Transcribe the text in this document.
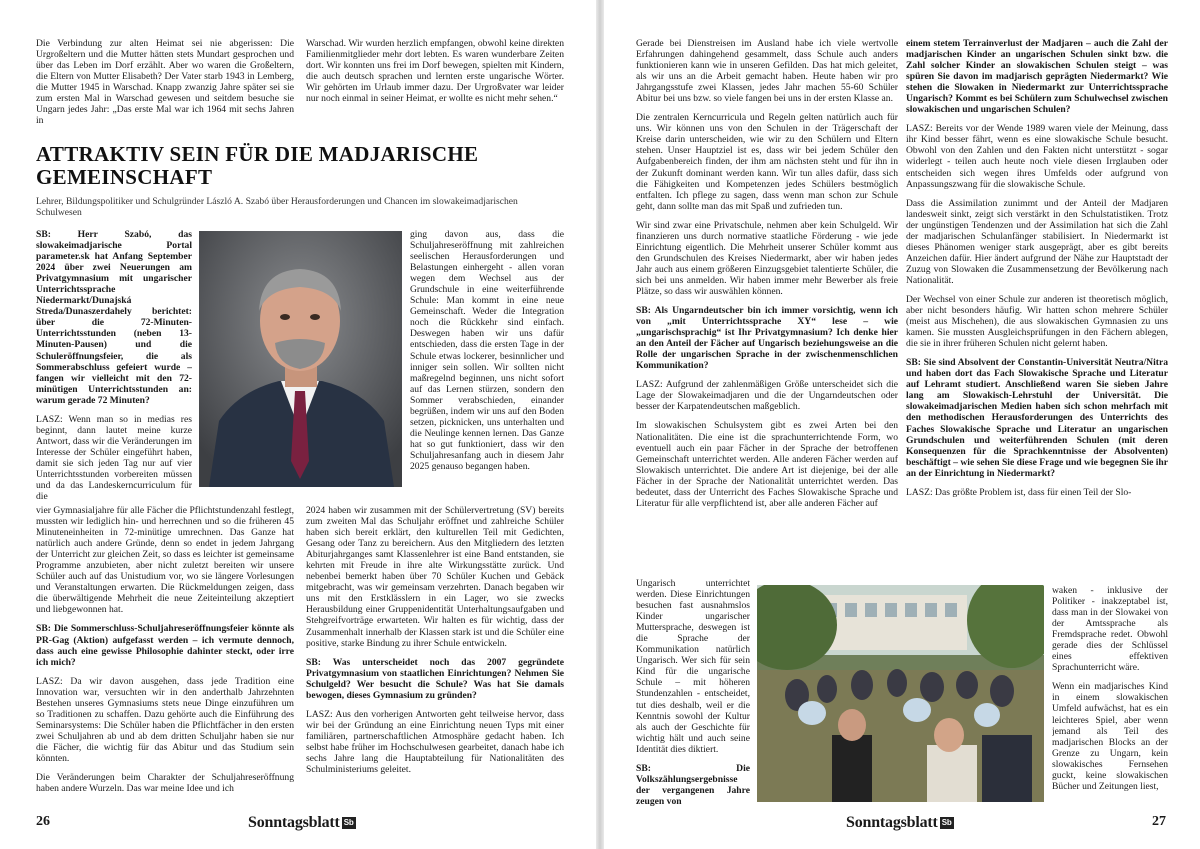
Die Verbindung zur alten Heimat sei nie abgerissen: Die Urgroßeltern und die Mutter hätten stets Mundart gesprochen und über das Leben im Dorf erzählt. Aber wo waren die Großeltern, die Eltern von Mutter Elisabeth? Der Vater starb 1943 in Lemberg, die Mutter 1945 in Warschad. Knapp zwanzig Jahre später sei sie zum ersten Mal in Warschad gewesen und seitdem besuche sie Ungarn jedes Jahr: „Das erste Mal war ich 1964 mit sechs Jahren in

Warschad. Wir wurden herzlich empfangen, obwohl keine direkten Familienmitglieder mehr dort lebten. Es waren wunderbare Zeiten dort. Wir konnten uns frei im Dorf bewegen, spielten mit Kindern, die auch deutsch sprachen und lernten erste ungarische Wörter. Wir gehörten im Urlaub immer dazu. Der Urgroßvater war leider nur noch einmal in seiner Heimat, er wollte es nicht mehr sehen.“

ATTRAKTIV SEIN FÜR DIE MADJARISCHE
GEMEINSCHAFT
Lehrer, Bildungspolitiker und Schulgründer László A. Szabó über Herausforderungen und Chancen im slowakeimadjarischen Schulwesen

SB: Herr Szabó, das slowakeimadjarische Portal parameter.sk hat Anfang September 2024 über zwei Neuerungen am Privatgymnasium mit ungarischer Unterrichtssprache Niedermarkt/Dunajská Streda/Dunaszerdahely berichtet: über die 72-Minuten-Unterrichtsstunden (neben 13-Minuten-Pausen) und die Schuleröffnungsfeier, die als Sommerabschluss gefeiert wurde – fangen wir vielleicht mit den 72-minütigen Unterrichtsstunden an: warum gerade 72 Minuten?

LASZ: Wenn man so in medias res beginnt, dann lautet meine kurze Antwort, dass wir die Veränderungen im Interesse der Schüler eingeführt haben, damit sie sich jeden Tag nur auf vier Unterrichtsstunden vorbereiten müssen und da das Landeskerncurriculum für die

vier Gymnasialjahre für alle Fächer die Pflichtstundenzahl festlegt, mussten wir lediglich hin- und herrechnen und so die früheren 45 Minuteneinheiten in 72-minütige umrechnen. Das Ganze hat natürlich auch andere Gründe, denn so endet in jedem Jahrgang der Unterricht zur gleichen Zeit, so dass es leichter ist gemeinsame Programme anzubieten, aber nicht zuletzt bereiten wir unsere Schüler auch auf das Unistudium vor, wo sie längere Vorlesungen und Veranstaltungen erwarten. Die Rückmeldungen zeigen, dass die überwältigende Mehrheit die neue Zeiteinteilung akzeptiert und liebgewonnen hat.

SB: Die Sommerschluss-Schuljahreseröffnungsfeier könnte als PR-Gag (Aktion) aufgefasst werden – ich vermute dennoch, dass auch eine gewisse Philosophie dahinter steckt, oder irre ich mich?

LASZ: Da wir davon ausgehen, dass jede Tradition eine Innovation war, versuchten wir in den anderthalb Jahrzehnten Bestehen unseres Gymnasiums stets neue Dinge einzuführen um so Traditionen zu schaffen. Dazu gehörte auch die Einführung des Seminarsystems: Die Schüler haben die Pflichtfächer in den ersten zwei Schuljahren ab und ab dem dritten Schuljahr haben sie nur die Fächer, die wichtig für das Abitur und das Studium sein könnten.

Die Veränderungen beim Charakter der Schuljahreseröffnung haben andere Wurzeln. Das war meine Idee und ich

ging davon aus, dass die Schuljahreseröffnung mit zahlreichen seelischen Herausforderungen und Belastungen einhergeht - allen voran wegen dem Wechsel aus der Grundschule in eine weiterführende Schule: Man kommt in eine neue Gemeinschaft. Weder die Integration noch die Rückkehr sind einfach. Deswegen haben wir uns dafür entschieden, dass die ersten Tage in der Schule etwas lockerer, besinnlicher und inniger sein sollen. Wir sollten nicht maßregelnd beginnen, uns nicht sofort auf das Lernen stürzen, sondern den Sommer verabschieden, einander begrüßen, indem wir uns auf den Boden setzen, picknicken, uns unterhalten und die Neulinge kennen lernen. Das Ganze hat so gut funktioniert, dass wir den Schuljahresanfang auch in diesem Jahr 2025 genauso begangen haben.

2024 haben wir zusammen mit der Schülervertretung (SV) bereits zum zweiten Mal das Schuljahr eröffnet und zahlreiche Schüler haben sich bereit erklärt, den kulturellen Teil mit Gedichten, Gesang oder Tanz zu bereichern. Aus den Mitgliedern des letzten Abiturjahrganges samt Klassenlehrer ist eine Band entstanden, sie kehrten mit Freude in ihre alte Wirkungsstätte zurück. Und nebenbei bemerkt haben über 70 Schüler Kuchen und Gebäck mitgebracht, was wir gemeinsam verzehrten. Danach begaben wir uns mit den Erstklässlern in ein Lager, wo sie zwecks Herausbildung einer Gruppenidentität Unterhaltungsaufgaben und Stehgreifvorträge erwarteten. Wir halten es für wichtig, dass der Zusammenhalt innerhalb der Klassen stark ist und die Schüler eine positive, starke Bindung zu ihrer Schule entwickeln.

SB: Was unterscheidet noch das 2007 gegründete Privatgymnasium von staatlichen Einrichtungen? Nehmen Sie Schulgeld? Wer besucht die Schule? Was hat Sie damals bewogen, dieses Gymnasium zu gründen?

LASZ: Aus den vorherigen Antworten geht teilweise hervor, dass wir bei der Gründung an eine Einrichtung neuen Typs mit einer familiären, partnerschaftlichen Atmosphäre gedacht haben. Ich selbst habe früher im Hochschulwesen gearbeitet, danach habe ich sechs Jahre lang die Hauptabteilung für Nationalitäten des Schulministeriums geleitet.

26	Sonntagsblatt Sb

Gerade bei Dienstreisen im Ausland habe ich viele wertvolle Erfahrungen dahingehend gesammelt, dass Schule auch anders funktionieren kann wie in unseren Gefilden. Das hat mich geleitet, als wir uns an die Arbeit gemacht haben. Heute haben wir pro Jahrgangsstufe zwei Klassen, jedes Jahr machen 55-60 Schüler Abitur bei uns bzw. so viele fangen bei uns in der ersten Klasse an.

Die zentralen Kerncurricula und Regeln gelten natürlich auch für uns. Wir können uns von den Schulen in der Trägerschaft der Kreise darin unterscheiden, wie wir zu den Schülern und Eltern stehen. Unser Hauptziel ist es, dass wir bei jedem Schüler den Aufgabenbereich finden, der ihm am nächsten steht und für ihn in der Zukunft dominant werden kann. Wir tun alles dafür, dass sich die Fähigkeiten und Kompetenzen jedes Schülers bestmöglich entfalten. Ich pflege zu sagen, dass wenn man schon zur Schule geht, dann sollte man das mit Spaß und zufrieden tun.

Wir sind zwar eine Privatschule, nehmen aber kein Schulgeld. Wir finanzieren uns durch normative staatliche Förderung - wie jede Einrichtung eigentlich. Die Mehrheit unserer Schüler kommt aus den Grundschulen des Kreises Niedermarkt, aber wir haben jedes Jahr auch aus einem größeren Einzugsgebiet talentierte Schüler, die sich bei uns anmelden. Wir haben immer mehr Bewerber als freie Plätze, so dass wir auswählen können.

SB: Als Ungarndeutscher bin ich immer vorsichtig, wenn ich von „mit Unterrichtssprache XY“ lese – wie „ungarischsprachig“ ist Ihr Privatgymnasium? Ich denke hier an den Anteil der Fächer auf Ungarisch beziehungsweise an die Rolle der ungarischen Sprache in der zwischenmenschlichen Kommunikation?

LASZ: Aufgrund der zahlenmäßigen Größe unterscheidet sich die Lage der Slowakeimadjaren und die der Ungarndeutschen oder besser der Karpatendeutschen maßgeblich.

Im slowakischen Schulsystem gibt es zwei Arten bei den Nationalitäten. Die eine ist die sprachunterrichtende Form, wo eventuell auch ein paar Fächer in der Sprache der betroffenen Gemeinschaft unterrichtet werden. Alle anderen Fächer werden auf Slowakisch unterrichtet. Die andere Art ist diejenige, bei der alle Fächer in der Sprache der Nationalität unterrichtet werden. Das bedeutet, dass der Unterricht des Faches Slowakische Sprache und Literatur für alle verpflichtend ist, aber alle anderen Fächer auf

Ungarisch unterrichtet werden. Diese Einrichtungen besuchen fast ausnahmslos Kinder ungarischer Muttersprache, deswegen ist die Sprache der Kommunikation natürlich Ungarisch. Wer sich für sein Kind für die ungarische Schule – mit höheren Stundenzahlen - entscheidet, tut dies deshalb, weil er die Kenntnis sowohl der Kultur als auch der Geschichte für wichtig hält und auch seine Identität dies diktiert.

SB: Die Volkszählungsergebnisse der vergangenen Jahre zeugen von

einem stetem Terrainverlust der Madjaren – auch die Zahl der madjarischen Kinder an ungarischen Schulen sinkt bzw. die Zahl solcher Kinder an slowakischen Schulen steigt – was spüren Sie davon im madjarisch geprägten Niedermarkt? Wie stehen die Slowaken in Niedermarkt zur Unterrichtssprache Ungarisch? Kommt es bei Schülern zum Schulwechsel zwischen slowakischen und ungarischen Schulen?

LASZ: Bereits vor der Wende 1989 waren viele der Meinung, dass ihr Kind besser fährt, wenn es eine slowakische Schule besucht. Obwohl von den Zahlen und den Fakten nicht unterstützt - sogar widerlegt - teilen auch heute noch viele diesen Irrglauben oder entscheiden sich wegen ihres Umfelds oder aufgrund von Anpassungszwang für die slowakische Schule.

Dass die Assimilation zunimmt und der Anteil der Madjaren landesweit sinkt, zeigt sich verstärkt in den Schulstatistiken. Trotz der ungünstigen Tendenzen und der Assimilation hat sich die Zahl der madjarischen Schulanfänger stabilisiert. In Niedermarkt ist dieses Phänomen weniger stark ausgeprägt, aber es gibt bereits Anzeichen dafür. Hier ändert aufgrund der Nähe zur Hauptstadt der Zuzug von Slowaken die Zusammensetzung der Bevölkerung nach Nationalität.

Der Wechsel von einer Schule zur anderen ist theoretisch möglich, aber nicht besonders häufig. Wir hatten schon mehrere Schüler (meist aus Mischehen), die aus slowakischen Gymnasien zu uns kamen. Sie mussten Ausgleichsprüfungen in den Fächern ablegen, die sie in ihrer früheren Schulen nicht gelernt haben.

SB: Sie sind Absolvent der Constantin-Universität Neutra/Nitra und haben dort das Fach Slowakische Sprache und Literatur auf Lehramt studiert. Anschließend waren Sie sieben Jahre lang am Slowakisch-Lehrstuhl der Universität. Die slowakeimadjarischen Medien haben sich schon mehrfach mit den methodischen Herausforderungen des Unterrichts des Faches Slowakische Sprache und Literatur an ungarischen Grundschulen und weiterführenden Schulen (mit deren Konsequenzen für die Sprachkenntnisse der Absolventen) beschäftigt – wie sehen Sie diese Frage und wie begegnen Sie ihr an der Einrichtung in Niedermarkt?

LASZ: Das größte Problem ist, dass für einen Teil der Slo-

waken - inklusive der Politiker - inakzeptabel ist, dass man in der Slowakei von der Amtssprache als Fremdsprache redet. Obwohl gerade dies der Schlüssel eines effektiven Sprachunterricht wäre.

Wenn ein madjarisches Kind in einem slowakischen Umfeld aufwächst, hat es ein leichteres Spiel, aber wenn jemand als Teil des madjarischen Blocks an der Grenze zu Ungarn, kein slowakisches Fernsehen guckt, keine slowakischen Bücher und Zeitungen liest,

Sonntagsblatt Sb	27
